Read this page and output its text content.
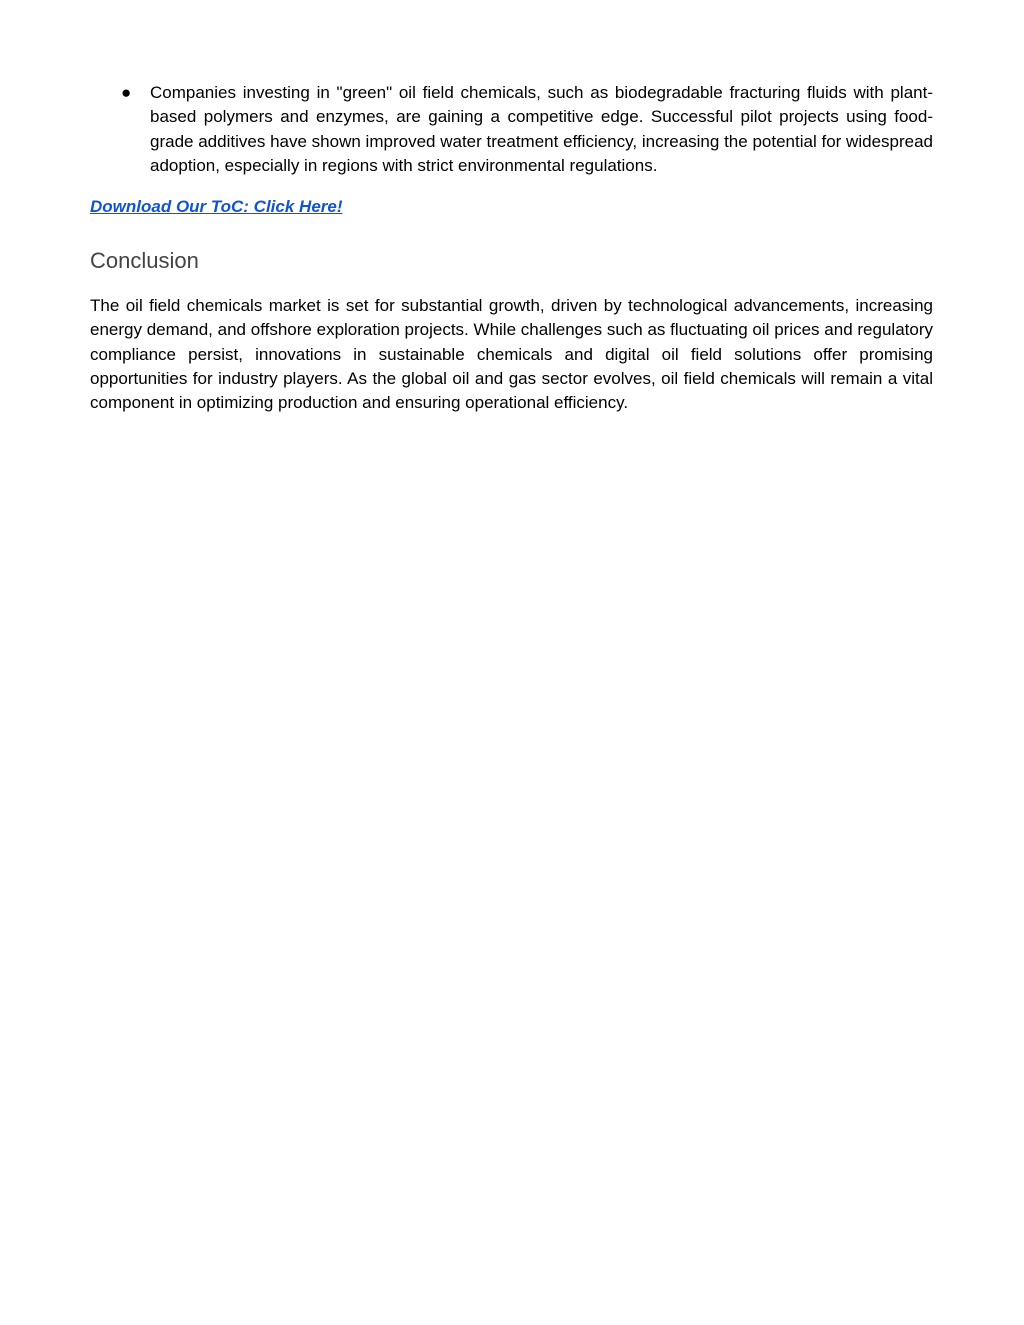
● Companies investing in "green" oil field chemicals, such as biodegradable fracturing fluids with plant-based polymers and enzymes, are gaining a competitive edge. Successful pilot projects using food-grade additives have shown improved water treatment efficiency, increasing the potential for widespread adoption, especially in regions with strict environmental regulations.
Download Our ToC: Click Here!
Conclusion

The oil field chemicals market is set for substantial growth, driven by technological advancements, increasing energy demand, and offshore exploration projects. While challenges such as fluctuating oil prices and regulatory compliance persist, innovations in sustainable chemicals and digital oil field solutions offer promising opportunities for industry players. As the global oil and gas sector evolves, oil field chemicals will remain a vital component in optimizing production and ensuring operational efficiency.
